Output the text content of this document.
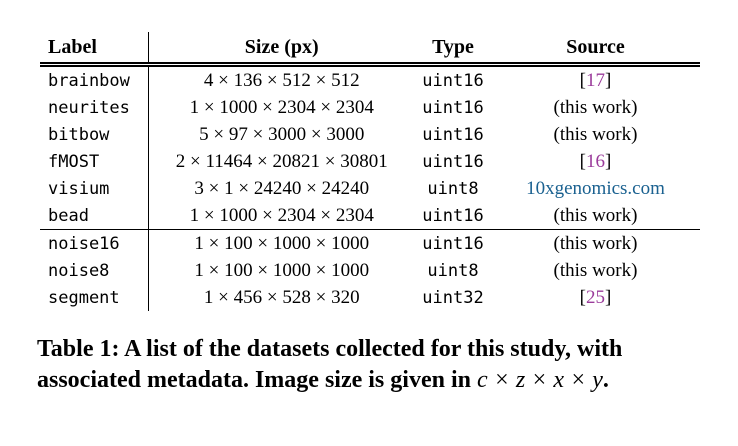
Label	Size (px)	Type	Source
brainbow	4 × 136 × 512 × 512	uint16	[17]
neurites	1 × 1000 × 2304 × 2304	uint16	(this work)
bitbow	5 × 97 × 3000 × 3000	uint16	(this work)
fMOST	2 × 11464 × 20821 × 30801	uint16	[16]
visium	3 × 1 × 24240 × 24240	uint8	10xgenomics.com
bead	1 × 1000 × 2304 × 2304	uint16	(this work)
noise16	1 × 100 × 1000 × 1000	uint16	(this work)
noise8	1 × 100 × 1000 × 1000	uint8	(this work)
segment	1 × 456 × 528 × 320	uint32	[25]
Table 1: A list of the datasets collected for this study, with
associated metadata. Image size is given in c × z × x × y.
